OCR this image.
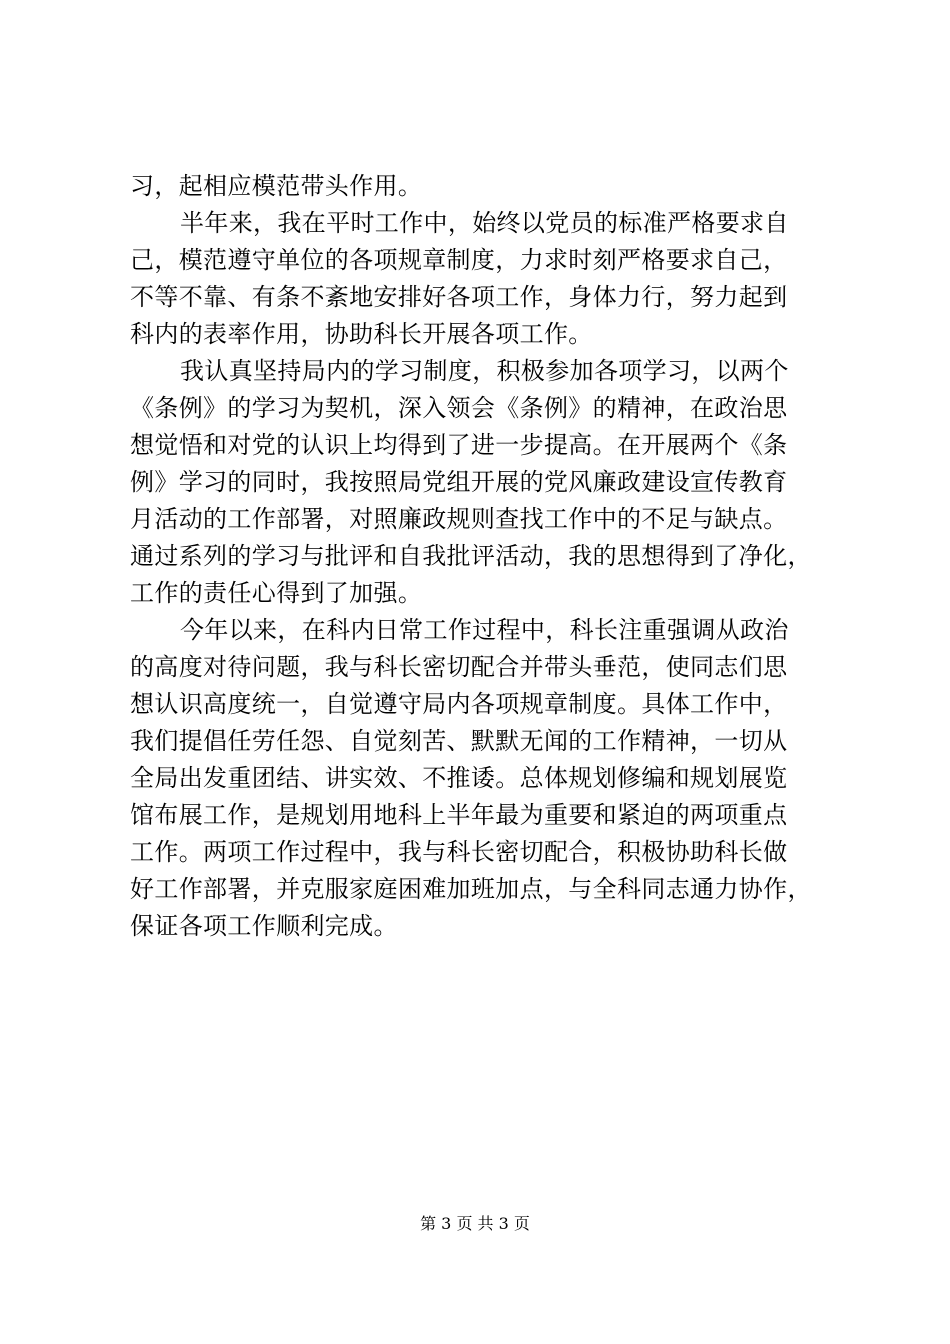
习，起相应模范带头作用。
半年来，我在平时工作中，始终以党员的标准严格要求自
己，模范遵守单位的各项规章制度，力求时刻严格要求自己，
不等不靠、有条不紊地安排好各项工作，身体力行，努力起到
科内的表率作用，协助科长开展各项工作。
我认真坚持局内的学习制度，积极参加各项学习，以两个
《条例》的学习为契机，深入领会《条例》的精神，在政治思
想觉悟和对党的认识上均得到了进一步提高。在开展两个《条
例》学习的同时，我按照局党组开展的党风廉政建设宣传教育
月活动的工作部署，对照廉政规则查找工作中的不足与缺点。
通过系列的学习与批评和自我批评活动，我的思想得到了净化，
工作的责任心得到了加强。
今年以来，在科内日常工作过程中，科长注重强调从政治
的高度对待问题，我与科长密切配合并带头垂范，使同志们思
想认识高度统一，自觉遵守局内各项规章制度。具体工作中，
我们提倡任劳任怨、自觉刻苦、默默无闻的工作精神，一切从
全局出发重团结、讲实效、不推诿。总体规划修编和规划展览
馆布展工作，是规划用地科上半年最为重要和紧迫的两项重点
工作。两项工作过程中，我与科长密切配合，积极协助科长做
好工作部署，并克服家庭困难加班加点，与全科同志通力协作，
保证各项工作顺利完成。
第 3 页 共 3 页
